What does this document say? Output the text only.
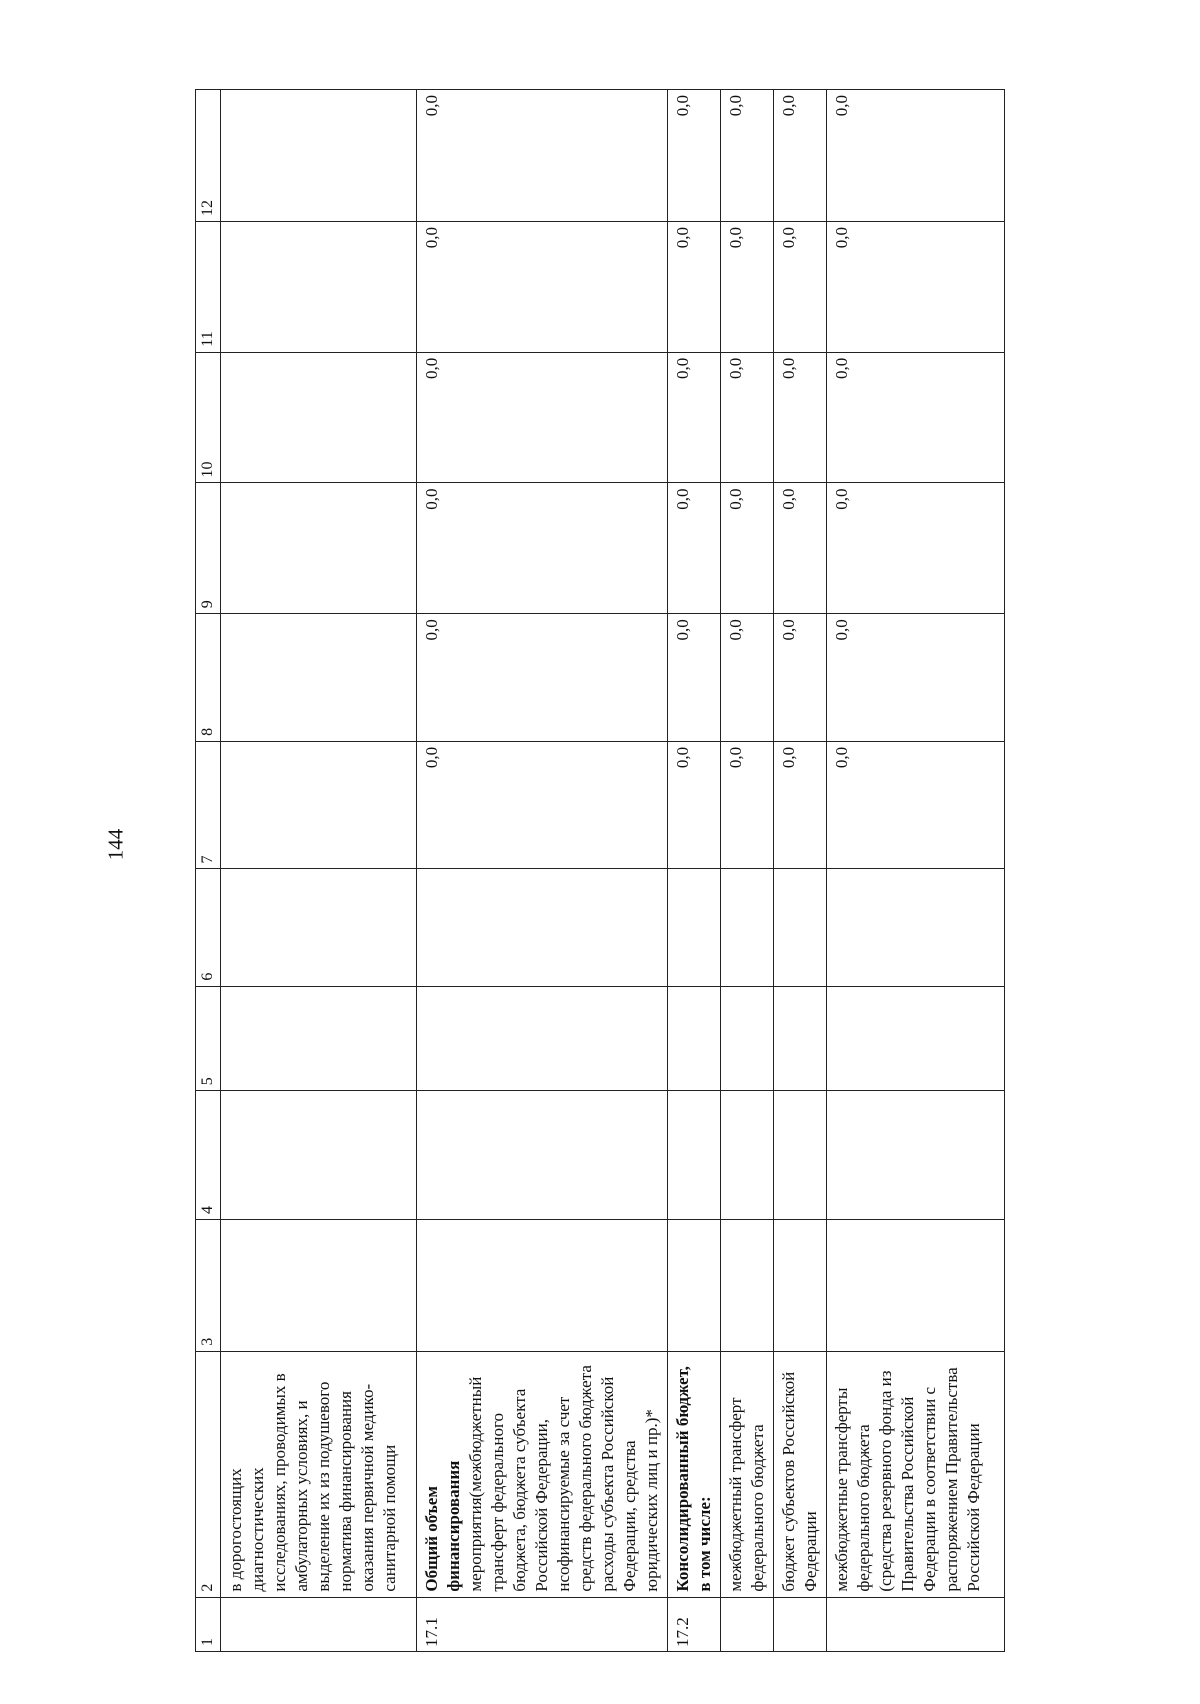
144
1	2	3	4	5	6	7	8	9	10	11	12
	в дорогостоящих диагностических исследованиях, проводимых в амбулаторных условиях, и выделение их из подушевого норматива финансирования оказания первичной медико-санитарной помощи										
17.1	Общий объем финансирования мероприятия(межбюджетный трансферт федерального бюджета, бюджета субъекта Российской Федерации, нсофинансируемые за счет средств федерального бюджета расходы субъекта Российской Федерации, средства юридических лиц и пр.)*					0,0	0,0	0,0	0,0	0,0	0,0
17.2	Консолидированный бюджет, в том числе:					0,0	0,0	0,0	0,0	0,0	0,0
	межбюджетный трансферт федерального бюджета					0,0	0,0	0,0	0,0	0,0	0,0
	бюджет субъектов Российской Федерации					0,0	0,0	0,0	0,0	0,0	0,0
	межбюджетные трансферты федерального бюджета (средства резервного фонда из Правительства Российской Федерации в соответствии с распоряжением Правительства Российской Федерации					0,0	0,0	0,0	0,0	0,0	0,0
